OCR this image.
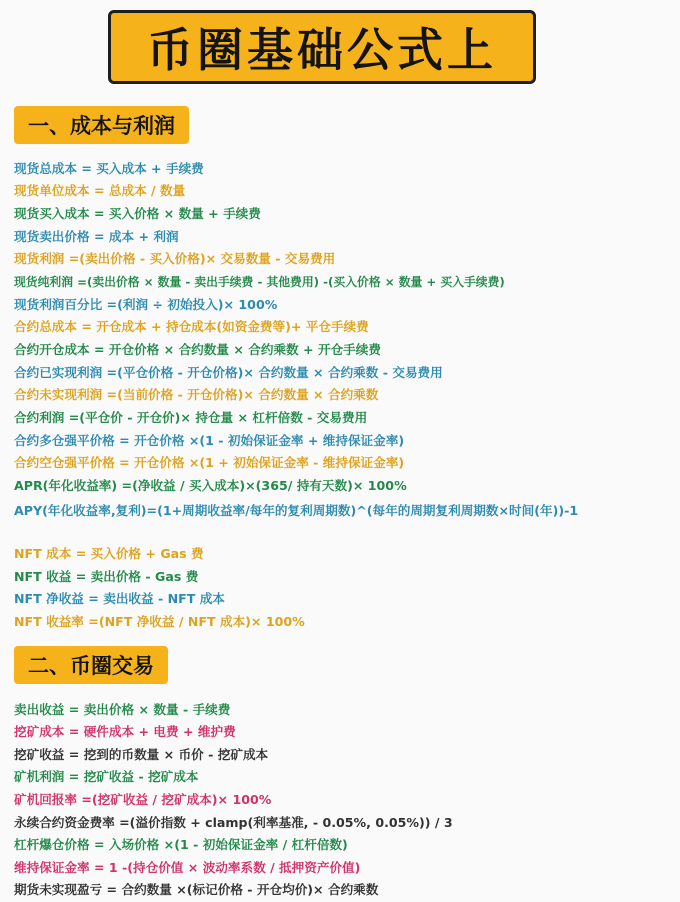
币圈基础公式上
一、成本与利润
现货总成本 = 买入成本 + 手续费
现货单位成本 = 总成本 / 数量
现货买入成本 = 买入价格 × 数量 + 手续费
现货卖出价格 = 成本 + 利润
现货利润 =(卖出价格 - 买入价格)× 交易数量 - 交易费用
现货纯利润 =(卖出价格 × 数量 - 卖出手续费 - 其他费用) -(买入价格 × 数量 + 买入手续费)
现货利润百分比 =(利润 ÷ 初始投入)× 100%
合约总成本 = 开仓成本 + 持仓成本(如资金费等)+ 平仓手续费
合约开仓成本 = 开仓价格 × 合约数量 × 合约乘数 + 开仓手续费
合约已实现利润 =(平仓价格 - 开仓价格)× 合约数量 × 合约乘数 - 交易费用
合约未实现利润 =(当前价格 - 开仓价格)× 合约数量 × 合约乘数
合约利润 =(平仓价 - 开仓价)× 持仓量 × 杠杆倍数 - 交易费用
合约多仓强平价格 = 开仓价格 ×(1 - 初始保证金率 + 维持保证金率)
合约空仓强平价格 = 开仓价格 ×(1 + 初始保证金率 - 维持保证金率)
APR(年化收益率) =(净收益 / 买入成本)×(365/ 持有天数)× 100%
APY(年化收益率,复利)=(1+周期收益率/每年的复利周期数)^(每年的周期复利周期数×时间(年))-1
NFT 成本 = 买入价格 + Gas 费
NFT 收益 = 卖出价格 - Gas 费
NFT 净收益 = 卖出收益 - NFT 成本
NFT 收益率 =(NFT 净收益 / NFT 成本)× 100%
二、币圈交易
卖出收益 = 卖出价格 × 数量 - 手续费
挖矿成本 = 硬件成本 + 电费 + 维护费
挖矿收益 = 挖到的币数量 × 币价 - 挖矿成本
矿机利润 = 挖矿收益 - 挖矿成本
矿机回报率 =(挖矿收益 / 挖矿成本)× 100%
永续合约资金费率 =(溢价指数 + clamp(利率基准, - 0.05%, 0.05%)) / 3
杠杆爆仓价格 = 入场价格 ×(1 - 初始保证金率 / 杠杆倍数)
维持保证金率 = 1 -(持仓价值 × 波动率系数 / 抵押资产价值)
期货未实现盈亏 = 合约数量 ×(标记价格 - 开仓均价)× 合约乘数
